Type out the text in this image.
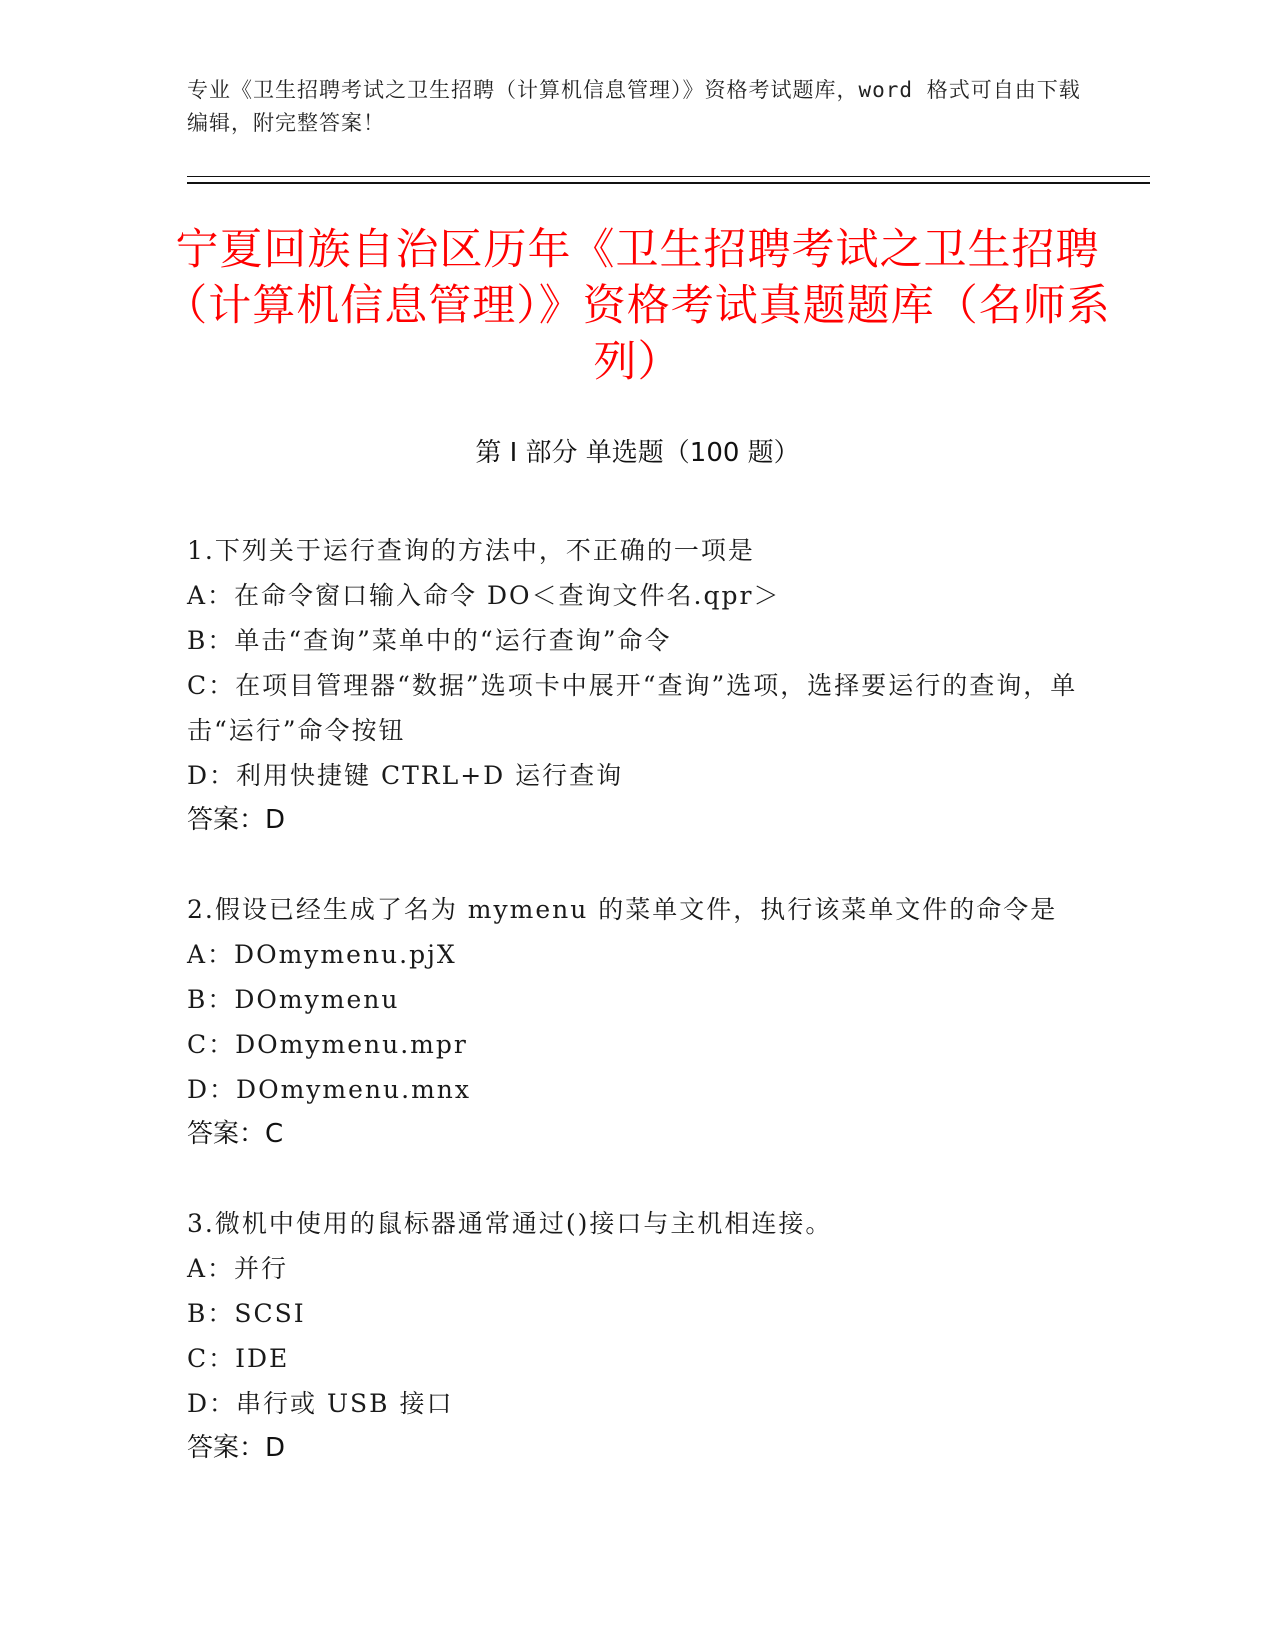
专业《卫生招聘考试之卫生招聘（计算机信息管理）》资格考试题库，word 格式可自由下载编辑，附完整答案！
宁夏回族自治区历年《卫生招聘考试之卫生招聘（计算机信息管理）》资格考试真题题库（名师系列）
第 I 部分 单选题（100 题）
1.下列关于运行查询的方法中，不正确的一项是
A：在命令窗口输入命令 DO＜查询文件名.qpr＞
B：单击“查询”菜单中的“运行查询”命令
C：在项目管理器“数据”选项卡中展开“查询”选项，选择要运行的查询，单击“运行”命令按钮
D：利用快捷键 CTRL+D 运行查询
答案：D
2.假设已经生成了名为 mymenu 的菜单文件，执行该菜单文件的命令是
A：DOmymenu.pjX
B：DOmymenu
C：DOmymenu.mpr
D：DOmymenu.mnx
答案：C
3.微机中使用的鼠标器通常通过()接口与主机相连接。
A：并行
B：SCSI
C：IDE
D：串行或 USB 接口
答案：D
